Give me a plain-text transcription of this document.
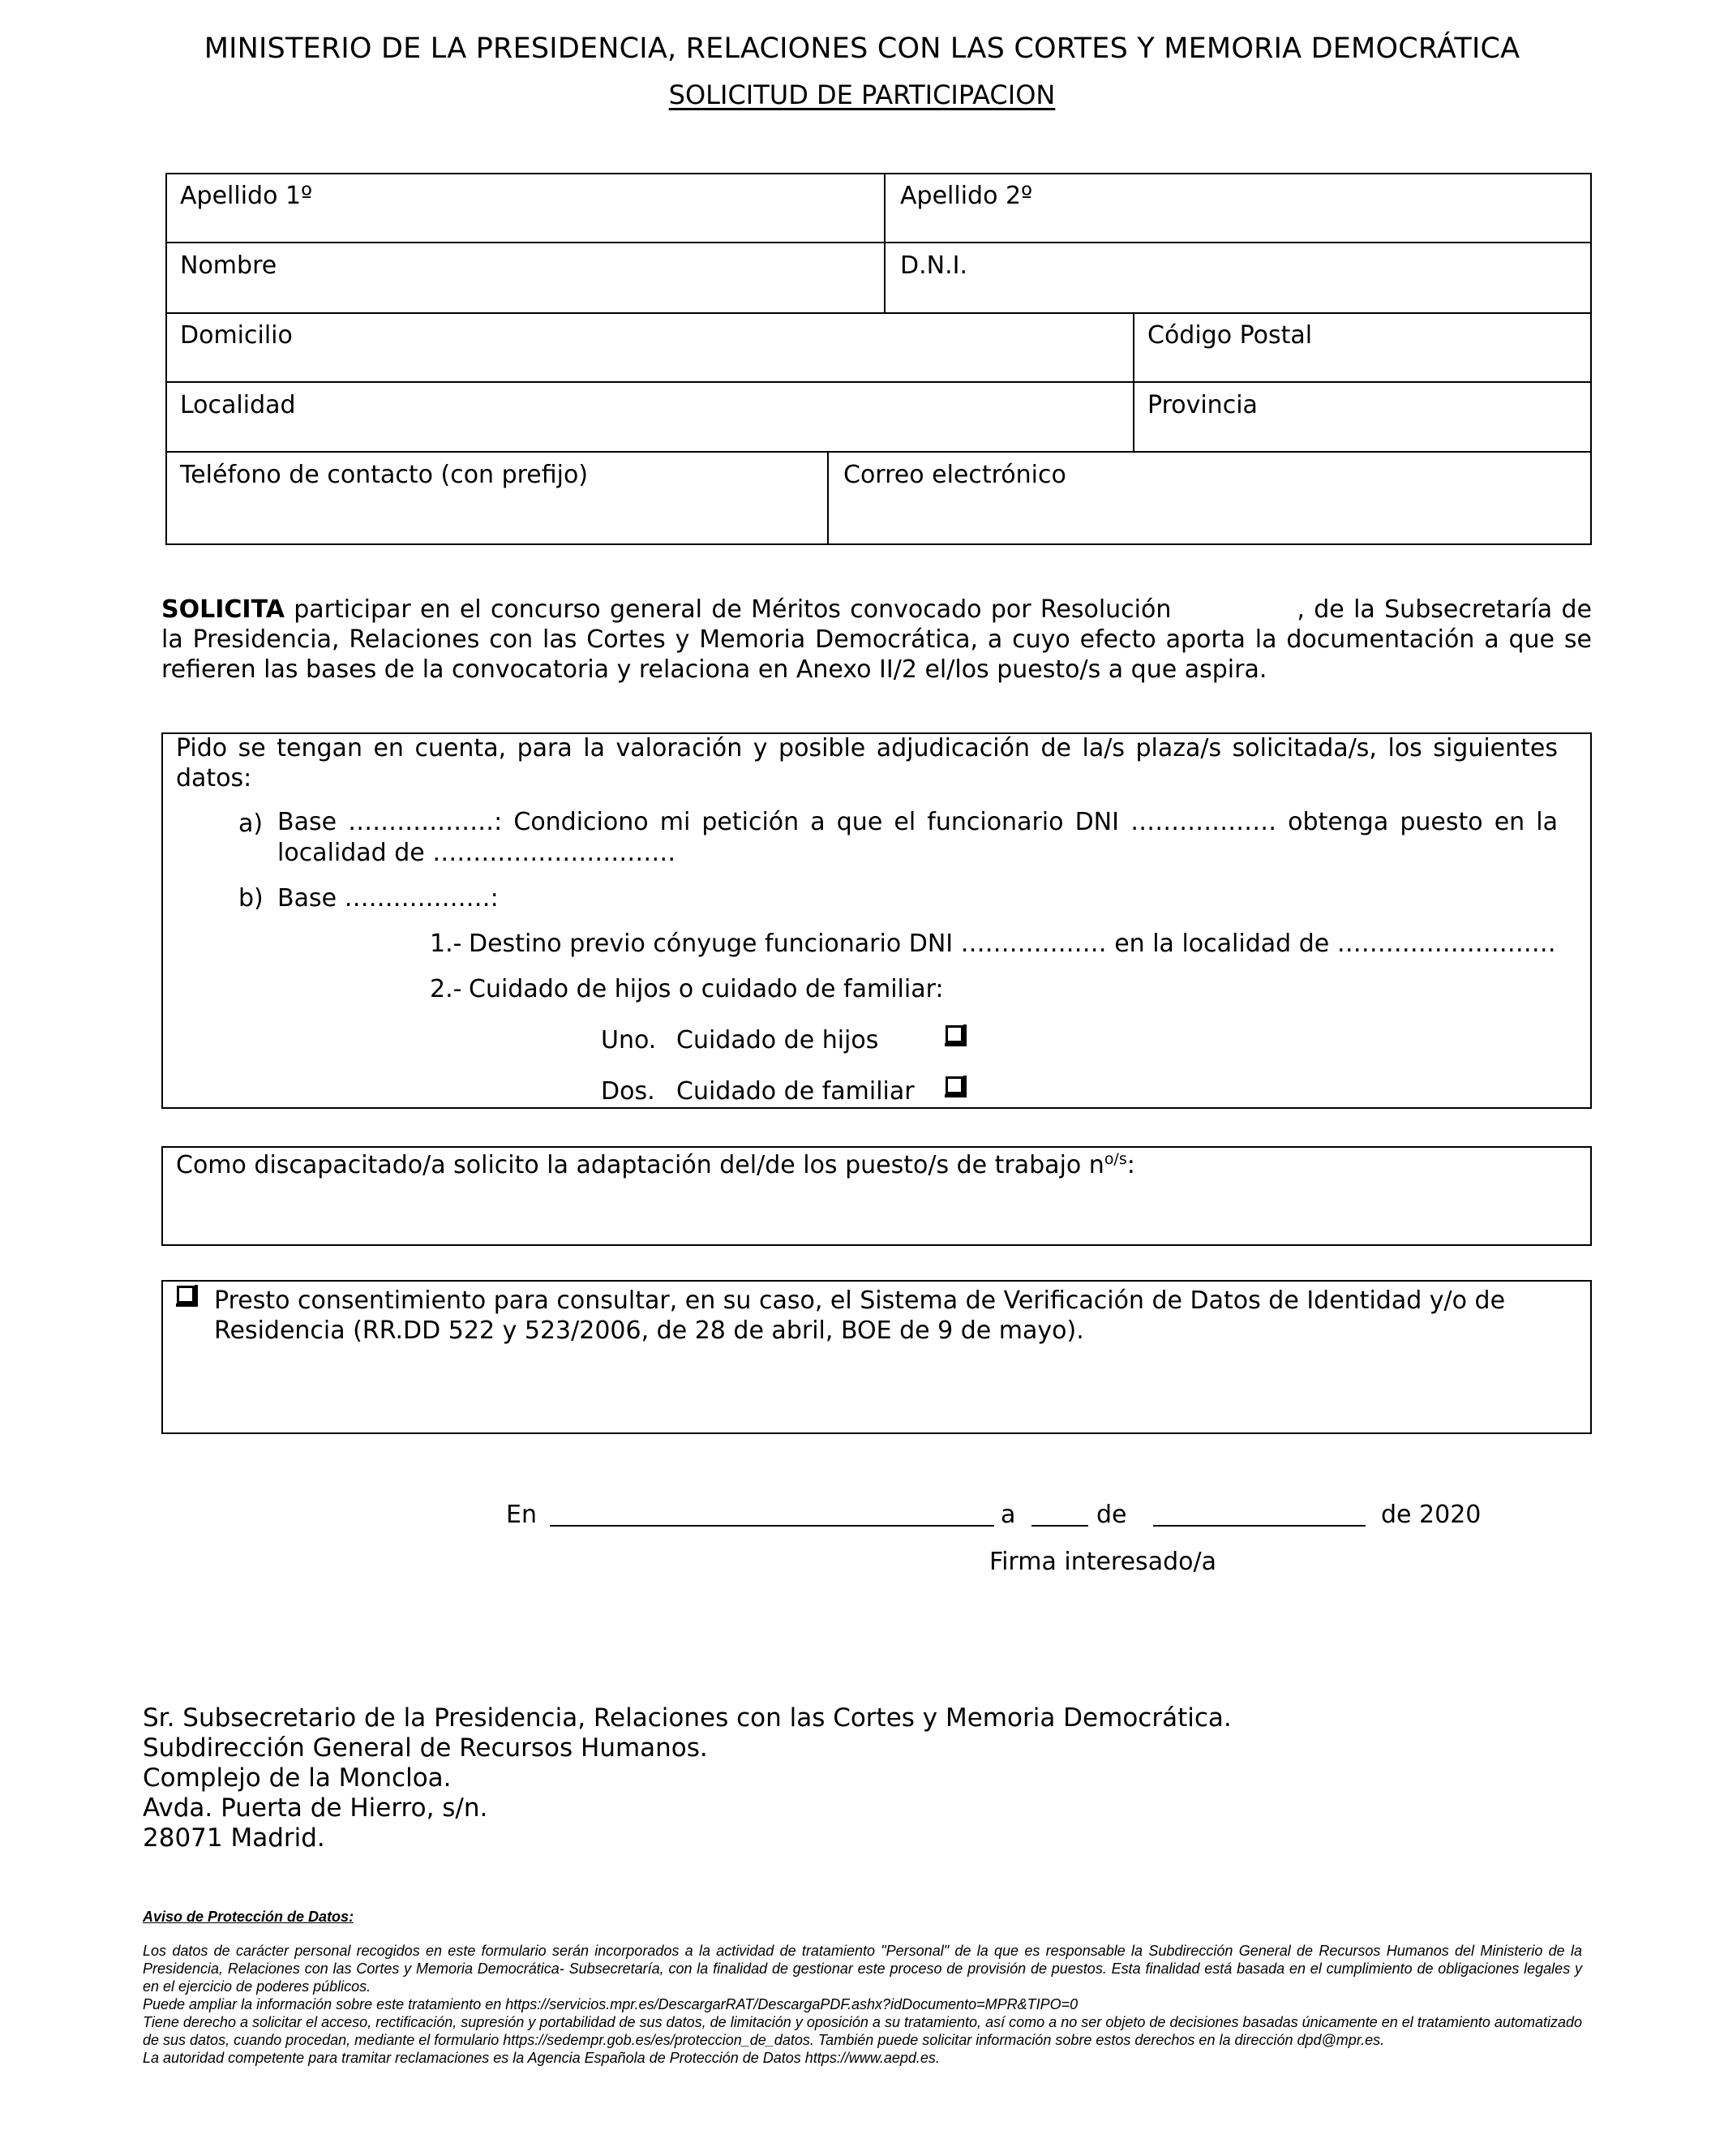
MINISTERIO DE LA PRESIDENCIA, RELACIONES CON LAS CORTES Y MEMORIA DEMOCRÁTICA
SOLICITUD DE PARTICIPACION
Apellido 1º	Apellido 2º
Nombre	D.N.I.
Domicilio	Código Postal
Localidad	Provincia
Teléfono de contacto (con prefijo)	Correo electrónico
SOLICITA participar en el concurso general de Méritos convocado por Resolución	, de la Subsecretaría de la Presidencia, Relaciones con las Cortes y Memoria Democrática, a cuyo efecto aporta la documentación a que se refieren las bases de la convocatoria y relaciona en Anexo II/2 el/los puesto/s a que aspira.
Pido se tengan en cuenta, para la valoración y posible adjudicación de la/s plaza/s solicitada/s, los siguientes datos:
a) Base ………………: Condiciono mi petición a que el funcionario DNI ……………… obtenga puesto en la
localidad de …………………………
b) Base ………………:
1.- Destino previo cónyuge funcionario DNI ……………… en la localidad de ………………………
2.- Cuidado de hijos o cuidado de familiar:
Uno. Cuidado de hijos
Dos. Cuidado de familiar
Como discapacitado/a solicito la adaptación del/de los puesto/s de trabajo $n^{o/s}$:
Presto consentimiento para consultar, en su caso, el Sistema de Verificación de Datos de Identidad y/o de
Residencia (RR.DD 522 y 523/2006, de 28 de abril, BOE de 9 de mayo).
En	a	de	de 2020
Firma interesado/a
Sr. Subsecretario de la Presidencia, Relaciones con las Cortes y Memoria Democrática.
Subdirección General de Recursos Humanos.
Complejo de la Moncloa.
Avda. Puerta de Hierro, s/n.
28071 Madrid.
Aviso de Protección de Datos:
Los datos de carácter personal recogidos en este formulario serán incorporados a la actividad de tratamiento "Personal" de la que es responsable la Subdirección General de Recursos Humanos del Ministerio de la Presidencia, Relaciones con las Cortes y Memoria Democrática- Subsecretaría, con la finalidad de gestionar este proceso de provisión de puestos. Esta finalidad está basada en el cumplimiento de obligaciones legales y en el ejercicio de poderes públicos.
Puede ampliar la información sobre este tratamiento en https://servicios.mpr.es/DescargarRAT/DescargaPDF.ashx?idDocumento=MPR&TIPO=0
Tiene derecho a solicitar el acceso, rectificación, supresión y portabilidad de sus datos, de limitación y oposición a su tratamiento, así como a no ser objeto de decisiones basadas únicamente en el tratamiento automatizado de sus datos, cuando procedan, mediante el formulario https://sedempr.gob.es/es/proteccion_de_datos. También puede solicitar información sobre estos derechos en la dirección dpd@mpr.es.
La autoridad competente para tramitar reclamaciones es la Agencia Española de Protección de Datos https://www.aepd.es.
